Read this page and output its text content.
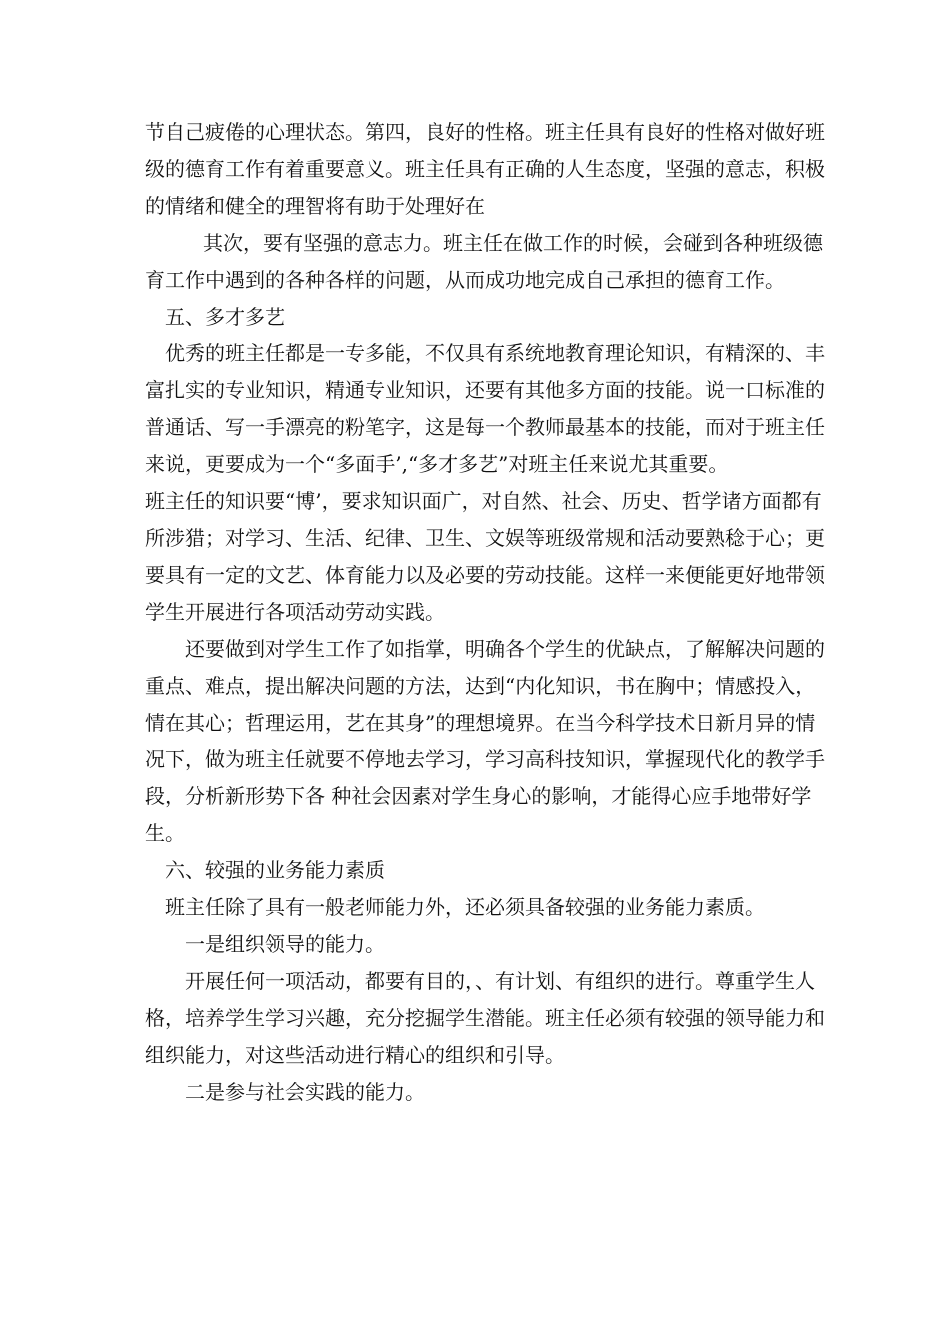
节自己疲倦的心理状态。第四，良好的性格。班主任具有良好的性格对做好班级的德育工作有着重要意义。班主任具有正确的人生态度，坚强的意志，积极的情绪和健全的理智将有助于处理好在

其次，要有坚强的意志力。班主任在做工作的时候，会碰到各种班级德育工作中遇到的各种各样的问题，从而成功地完成自己承担的德育工作。

五、多才多艺

优秀的班主任都是一专多能，不仅具有系统地教育理论知识，有精深的、丰富扎实的专业知识，精通专业知识，还要有其他多方面的技能。说一口标准的普通话、写一手漂亮的粉笔字，这是每一个教师最基本的技能，而对于班主任来说，更要成为一个“多面手’,“多才多艺”对班主任来说尤其重要。

班主任的知识要“博’，要求知识面广，对自然、社会、历史、哲学诸方面都有所涉猎；对学习、生活、纪律、卫生、文娱等班级常规和活动要熟稔于心；更要具有一定的文艺、体育能力以及必要的劳动技能。这样一来便能更好地带领学生开展进行各项活动劳动实践。

还要做到对学生工作了如指掌，明确各个学生的优缺点，了解解决问题的重点、难点，提出解决问题的方法，达到“内化知识，书在胸中；情感投入，情在其心；哲理运用，艺在其身”的理想境界。在当今科学技术日新月异的情况下，做为班主任就要不停地去学习，学习高科技知识，掌握现代化的教学手段，分析新形势下各 种社会因素对学生身心的影响，才能得心应手地带好学生。

六、较强的业务能力素质

班主任除了具有一般老师能力外，还必须具备较强的业务能力素质。

一是组织领导的能力。

开展任何一项活动，都要有目的，、有计划、有组织的进行。尊重学生人格，培养学生学习兴趣，充分挖掘学生潜能。班主任必须有较强的领导能力和组织能力，对这些活动进行精心的组织和引导。

二是参与社会实践的能力。
